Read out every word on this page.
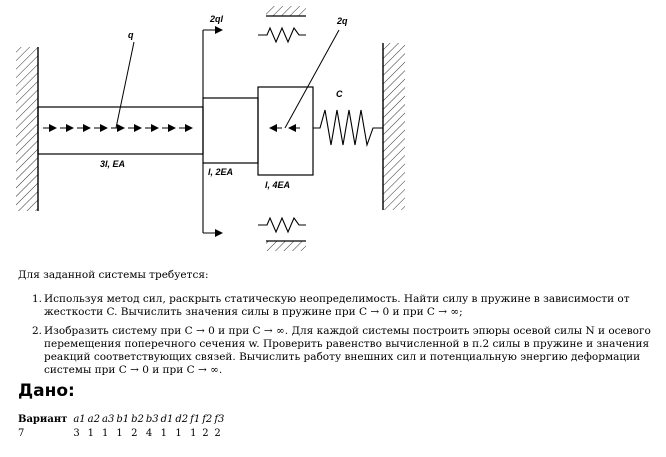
q
2ql	2q
C
3l, EA
l, 2EA
l, 4EA
Для заданной системы требуется:
1. Используя метод сил, раскрыть статическую неопределимость. Найти силу в пружине в зависимости от жесткости C. Вычислить значения силы в пружине при C → 0 и при C → ∞;
2. Изобразить систему при C → 0 и при C → ∞. Для каждой системы построить эпюры осевой силы N и осевого перемещения поперечного сечения w. Проверить равенство вычисленной в п.2 силы в пружине и значения реакций соответствующих связей. Вычислить работу внешних сил и потенциальную энергию деформации системы при C → 0 и при C → ∞.
Дано:
Вариант	a1	a2	a3	b1	b2	b3	d1	d2	f1	f2	f3
7	3	1	1	1	2	4	1	1	1	2	2
